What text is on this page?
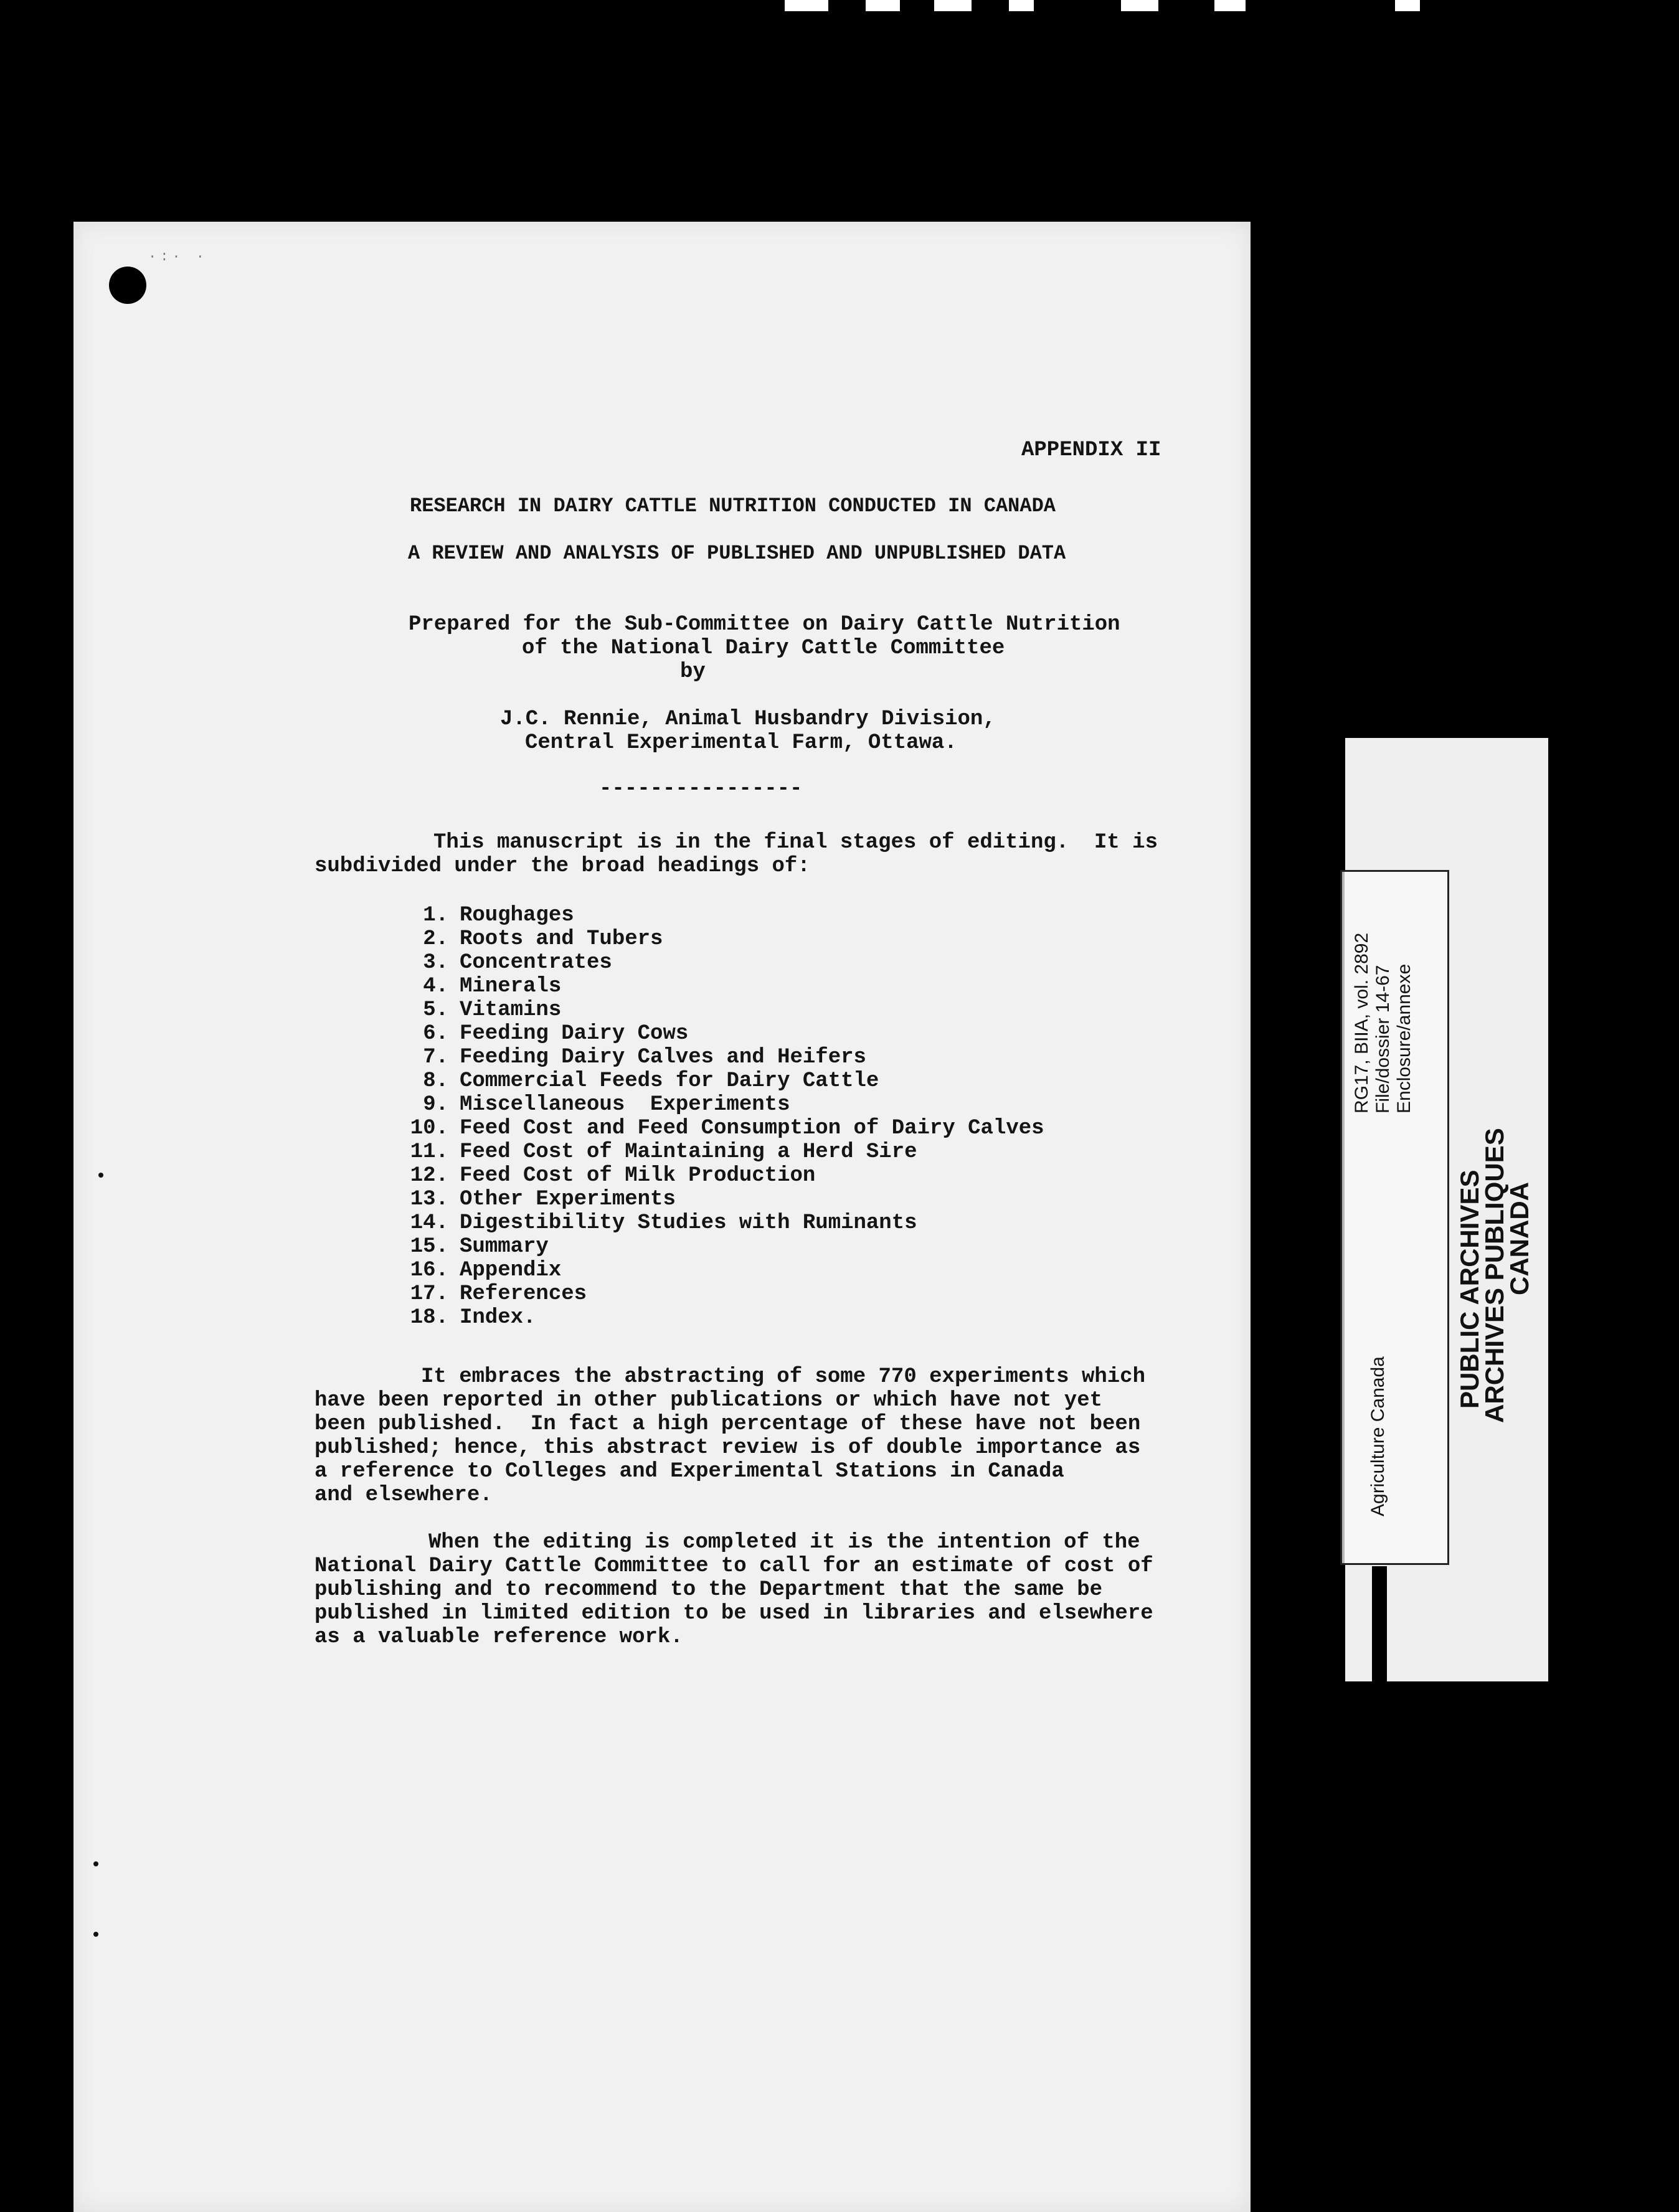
·:· ·

APPENDIX II

RESEARCH IN DAIRY CATTLE NUTRITION CONDUCTED IN CANADA

A REVIEW AND ANALYSIS OF PUBLISHED AND UNPUBLISHED DATA

Prepared for the Sub-Committee on Dairy Cattle Nutrition

of the National Dairy Cattle Committee

by

J.C. Rennie, Animal Husbandry Division,

Central Experimental Farm, Ottawa.

----------------

This manuscript is in the final stages of editing.  It is

subdivided under the broad headings of:

1. Roughages

2. Roots and Tubers

3. Concentrates

4. Minerals

5. Vitamins

6. Feeding Dairy Cows

7. Feeding Dairy Calves and Heifers

8. Commercial Feeds for Dairy Cattle

9. Miscellaneous  Experiments

10. Feed Cost and Feed Consumption of Dairy Calves

11. Feed Cost of Maintaining a Herd Sire

12. Feed Cost of Milk Production

13. Other Experiments

14. Digestibility Studies with Ruminants

15. Summary

16. Appendix

17. References

18. Index.

It embraces the abstracting of some 770 experiments which

have been reported in other publications or which have not yet

been published.  In fact a high percentage of these have not been

published; hence, this abstract review is of double importance as

a reference to Colleges and Experimental Stations in Canada

and elsewhere.

When the editing is completed it is the intention of the

National Dairy Cattle Committee to call for an estimate of cost of

publishing and to recommend to the Department that the same be

published in limited edition to be used in libraries and elsewhere

as a valuable reference work.

RG17, BIIA, vol. 2892 File/dossier 14-67 Enclosure/annexe
Agriculture Canada
PUBLIC ARCHIVES
ARCHIVES PUBLIQUES
CANADA
